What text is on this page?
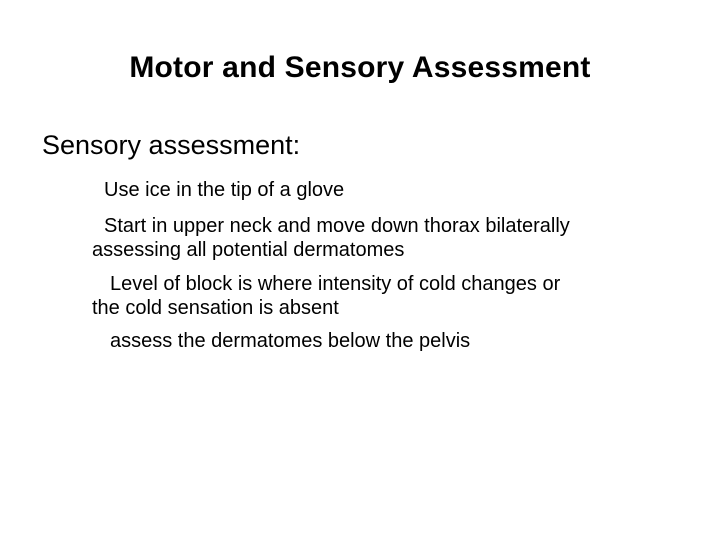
Motor and Sensory Assessment
Sensory assessment:
Use ice in the tip of a glove
Start in upper neck and move down thorax bilaterally
assessing all potential dermatomes
Level of block is where intensity of cold changes or
the cold sensation is absent
assess the dermatomes below the pelvis
